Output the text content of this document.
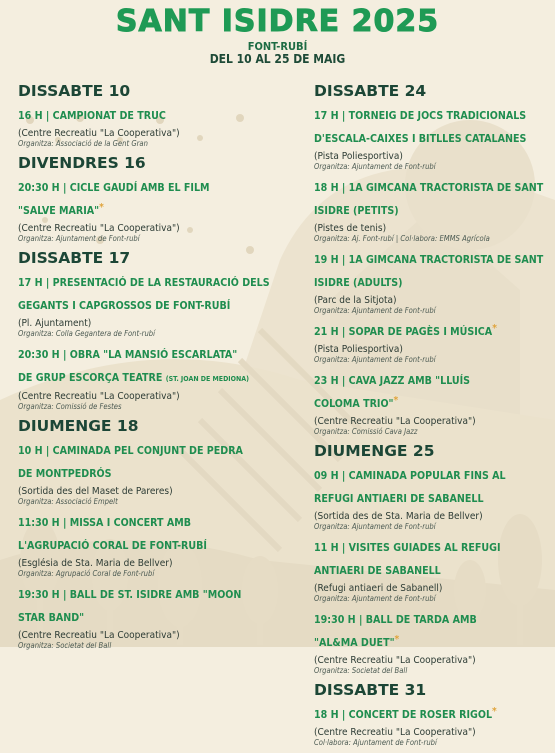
SANT ISIDRE 2025
FONT-RUBÍ
DEL 10 AL 25 DE MAIG
DISSABTE 10
16 H | CAMPIONAT DE TRUC
(Centre Recreatiu "La Cooperativa")
Organitza: Associació de la Gent Gran
DIVENDRES 16
20:30 H | CICLE GAUDÍ AMB EL FILM
"SALVE MARIA"*
(Centre Recreatiu "La Cooperativa")
Organitza: Ajuntament de Font-rubí
DISSABTE 17
17 H | PRESENTACIÓ DE LA RESTAURACIÓ DELS
GEGANTS I CAPGROSSOS DE FONT-RUBÍ
(Pl. Ajuntament)
Organitza: Colla Gegantera de Font-rubí
20:30 H | OBRA "LA MANSIÓ ESCARLATA"
DE GRUP ESCORÇA TEATRE (ST. JOAN DE MEDIONA)
(Centre Recreatiu "La Cooperativa")
Organitza: Comissió de Festes
DIUMENGE 18
10 H | CAMINADA PEL CONJUNT DE PEDRA
DE MONTPEDRÓS
(Sortida des del Maset de Pareres)
Organitza: Associació Empelt
11:30 H | MISSA I CONCERT AMB
L'AGRUPACIÓ CORAL DE FONT-RUBÍ
(Església de Sta. Maria de Bellver)
Organitza: Agrupació Coral de Font-rubí
19:30 H | BALL DE ST. ISIDRE AMB "MOON
STAR BAND"
(Centre Recreatiu "La Cooperativa")
Organitza: Societat del Ball
DISSABTE 24
17 H | TORNEIG DE JOCS TRADICIONALS
D'ESCALA-CAIXES I BITLLES CATALANES
(Pista Poliesportiva)
Organitza: Ajuntament de Font-rubí
18 H | 1A GIMCANA TRACTORISTA DE SANT
ISIDRE (PETITS)
(Pistes de tenis)
Organitza: Aj. Font-rubí | Col·labora: EMMS Agrícola
19 H | 1A GIMCANA TRACTORISTA DE SANT
ISIDRE (ADULTS)
(Parc de la Sitjota)
Organitza: Ajuntament de Font-rubí
21 H | SOPAR DE PAGÈS I MÚSICA*
(Pista Poliesportiva)
Organitza: Ajuntament de Font-rubí
23 H | CAVA JAZZ AMB "LLUÍS
COLOMA TRIO"*
(Centre Recreatiu "La Cooperativa")
Organitza: Comissió Cava Jazz
DIUMENGE 25
09 H | CAMINADA POPULAR FINS AL
REFUGI ANTIAERI DE SABANELL
(Sortida des de Sta. Maria de Bellver)
Organitza: Ajuntament de Font-rubí
11 H | VISITES GUIADES AL REFUGI
ANTIAERI DE SABANELL
(Refugi antiaeri de Sabanell)
Organitza: Ajuntament de Font-rubí
19:30 H | BALL DE TARDA AMB
"AL&MA DUET"*
(Centre Recreatiu "La Cooperativa")
Organitza: Societat del Ball
DISSABTE 31
18 H | CONCERT DE ROSER RIGOL*
(Centre Recreatiu "La Cooperativa")
Col·labora: Ajuntament de Font-rubí
